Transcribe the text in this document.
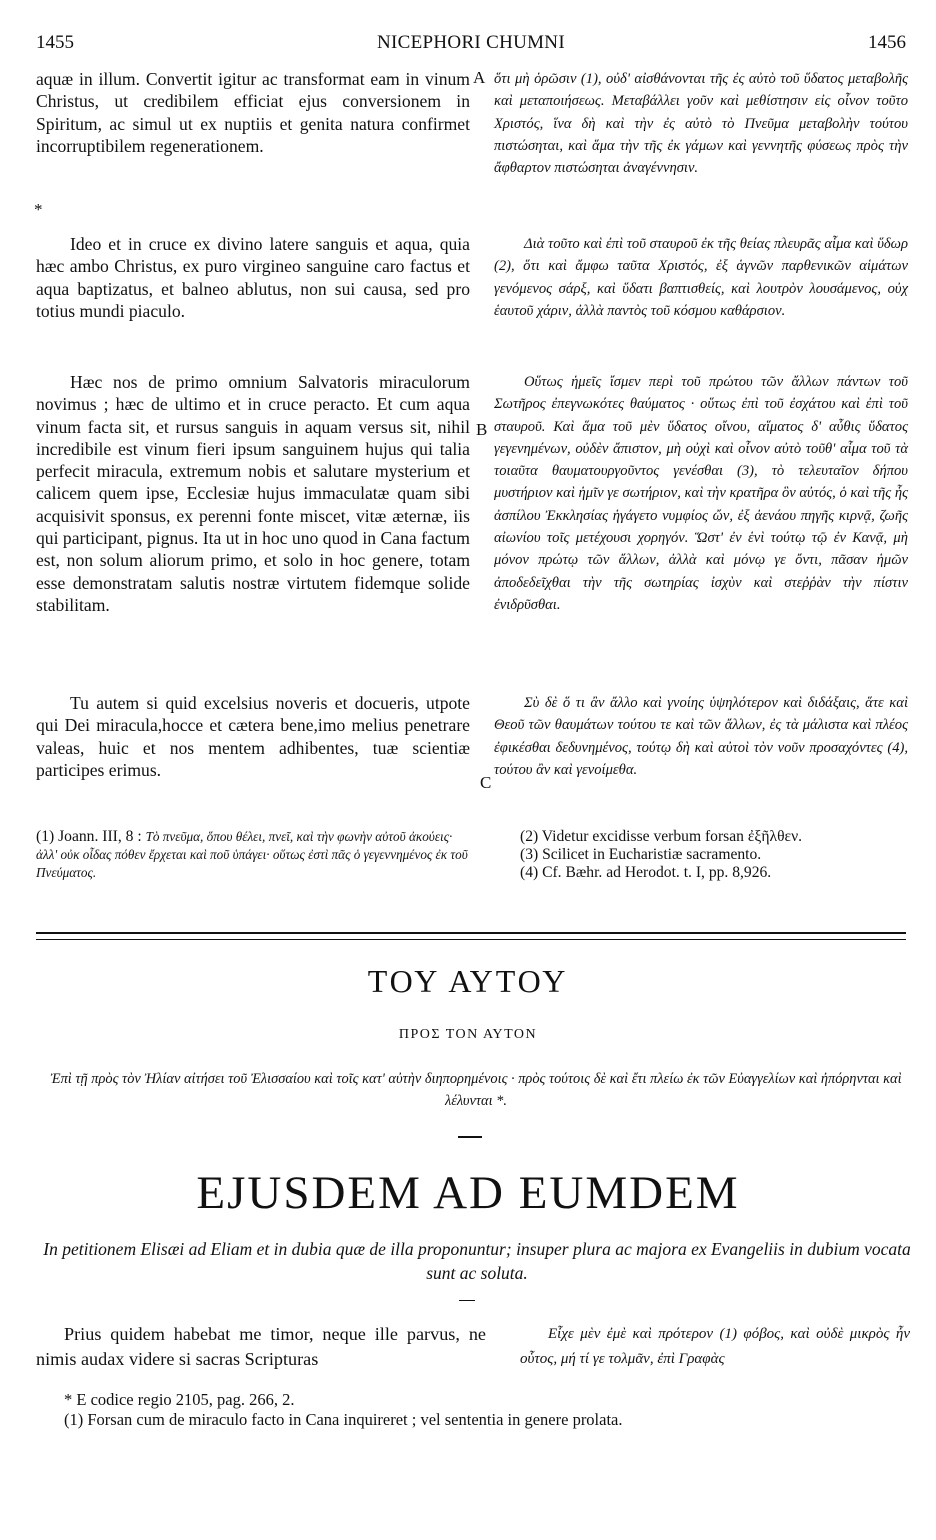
1455	NICEPHORI CHUMNI	1456

aquæ in illum. Convertit igitur ac transformat eam in vinum Christus, ut credibilem efficiat ejus conversionem in Spiritum, ac simul ut ex nuptiis et genita natura confirmet incorruptibilem regenerationem.

*

ὅτι μὴ ὁρῶσιν (1), οὐδ' αἰσθάνονται τῆς ἐς αὐτὸ τοῦ ὕδατος μεταβολῆς καὶ μεταποιήσεως. Μεταβάλλει γοῦν καὶ μεθίστησιν εἰς οἶνον τοῦτο Χριστός, ἵνα δὴ καὶ τὴν ἐς αὐτὸ τὸ Πνεῦμα μεταβολὴν τούτου πιστώσηται, καὶ ἅμα τὴν τῆς ἐκ γάμων καὶ γεννητῆς φύσεως πρὸς τὴν ἄφθαρτον πιστώσηται ἀναγέννησιν.

A

Ideo et in cruce ex divino latere sanguis et aqua, quia hæc ambo Christus, ex puro virgineo sanguine caro factus et aqua baptizatus, et balneo ablutus, non sui causa, sed pro totius mundi piaculo.

Διὰ τοῦτο καὶ ἐπὶ τοῦ σταυροῦ ἐκ τῆς θείας πλευρᾶς αἷμα καὶ ὕδωρ (2), ὅτι καὶ ἄμφω ταῦτα Χριστός, ἐξ ἁγνῶν παρθενικῶν αἱμάτων γενόμενος σάρξ, καὶ ὕδατι βαπτισθείς, καὶ λουτρὸν λουσάμενος, οὐχ ἑαυτοῦ χάριν, ἀλλὰ παντὸς τοῦ κόσμου καθάρσιον.

Hæc nos de primo omnium Salvatoris miraculorum novimus ; hæc de ultimo et in cruce peracto. Et cum aqua vinum facta sit, et rursus sanguis in aquam versus sit, nihil incredibile est vinum fieri ipsum sanguinem hujus qui talia perfecit miracula, extremum nobis et salutare mysterium et calicem quem ipse, Ecclesiæ hujus immaculatæ quam sibi acquisivit sponsus, ex perenni fonte miscet, vitæ æternæ, iis qui participant, pignus. Ita ut in hoc uno quod in Cana factum est, non solum aliorum primo, et solo in hoc genere, totam esse demonstratam salutis nostræ virtutem fidemque solide stabilitam.

B

Οὕτως ἡμεῖς ἴσμεν περὶ τοῦ πρώτου τῶν ἄλλων πάντων τοῦ Σωτῆρος ἐπεγνωκότες θαύματος · οὕτως ἐπὶ τοῦ ἐσχάτου καὶ ἐπὶ τοῦ σταυροῦ. Καὶ ἅμα τοῦ μὲν ὕδατος οἴνου, αἵματος δ' αὖθις ὕδατος γεγενημένων, οὐδὲν ἄπιστον, μὴ οὐχὶ καὶ οἶνον αὐτὸ τοῦθ' αἷμα τοῦ τὰ τοιαῦτα θαυματουργοῦντος γενέσθαι (3), τὸ τελευταῖον δήπου μυστήριον καὶ ἡμῖν γε σωτήριον, καὶ τὴν κρατῆρα ὃν αὐτός, ὁ καὶ τῆς ἧς ἀσπίλου Ἐκκλησίας ἡγάγετο νυμφίος ὤν, ἐξ ἀενάου πηγῆς κιρνᾷ, ζωῆς αἰωνίου τοῖς μετέχουσι χορηγόν. Ὥστ' ἐν ἑνὶ τούτῳ τῷ ἐν Κανᾷ, μὴ μόνον πρώτῳ τῶν ἄλλων, ἀλλὰ καὶ μόνῳ γε ὄντι, πᾶσαν ἡμῶν ἀποδεδεῖχθαι τὴν τῆς σωτηρίας ἰσχὺν καὶ στεῤῥὰν τὴν πίστιν ἐνιδρῦσθαι.

Tu autem si quid excelsius noveris et docueris, utpote qui Dei miracula,hocce et cætera bene,imo melius penetrare valeas, huic et nos mentem adhibentes, tuæ scientiæ participes erimus.

C

Σὺ δὲ ὅ τι ἂν ἄλλο καὶ γνοίης ὑψηλότερον καὶ διδάξαις, ἅτε καὶ Θεοῦ τῶν θαυμάτων τούτου τε καὶ τῶν ἄλλων, ἐς τὰ μάλιστα καὶ πλέος ἐφικέσθαι δεδυνημένος, τούτῳ δὴ καὶ αὐτοὶ τὸν νοῦν προσαχόντες (4), τούτου ἂν καὶ γενοίμεθα.

(1) Joann. III, 8 : Τὸ πνεῦμα, ὅπου θέλει, πνεῖ, καὶ τὴν φωνὴν αὐτοῦ ἀκούεις· ἀλλ' οὐκ οἶδας πόθεν ἔρχεται καὶ ποῦ ὑπάγει· οὕτως ἐστὶ πᾶς ὁ γεγεννημένος ἐκ τοῦ Πνεύματος.

(2) Videtur excidisse verbum forsan ἐξῆλθεν.

(3) Scilicet in Eucharistiæ sacramento.

(4) Cf. Bæhr. ad Herodot. t. I, pp. 8,926.

ΤΟΥ ΑΥΤΟΥ
ΠΡΟΣ ΤΟΝ ΑΥΤΟΝ
Ἐπὶ τῇ πρὸς τὸν Ἠλίαν αἰτήσει τοῦ Ἐλισσαίου καὶ τοῖς κατ' αὐτὴν διηπορημένοις · πρὸς τούτοις δὲ καὶ ἔτι πλείω ἐκ τῶν Εὐαγγελίων καὶ ἠπόρηνται καὶ λέλυνται *.
EJUSDEM AD EUMDEM
In petitionem Elisæi ad Eliam et in dubia quæ de illa proponuntur; insuper plura ac majora ex Evangeliis in dubium vocata sunt ac soluta.

Prius quidem habebat me timor, neque ille parvus, ne nimis audax videre si sacras Scripturas

Εἶχε μὲν ἐμὲ καὶ πρότερον (1) φόβος, καὶ οὐδὲ μικρὸς ἦν οὗτος, μή τί γε τολμᾶν, ἐπὶ Γραφὰς

* E codice regio 2105, pag. 266, 2.

(1) Forsan cum de miraculo facto in Cana inquireret ; vel sententia in genere prolata.
